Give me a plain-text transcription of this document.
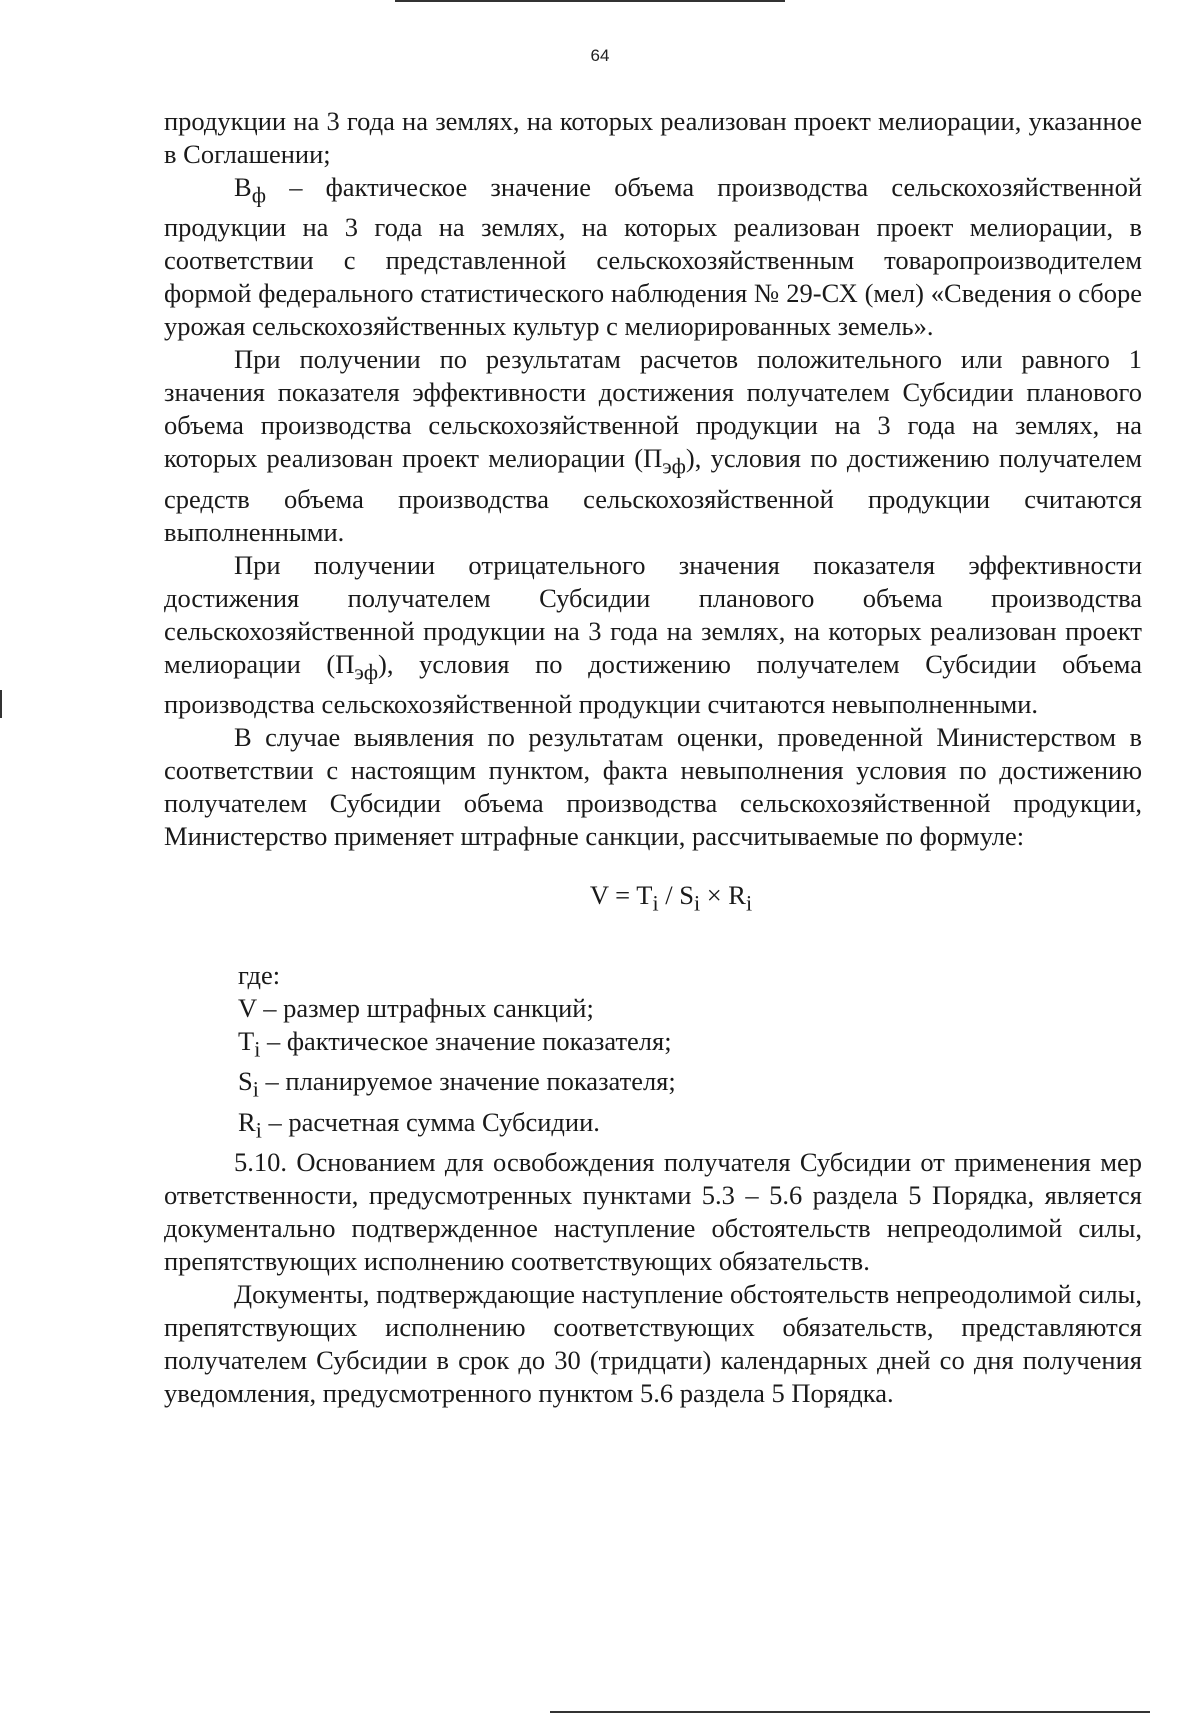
64

продукции на 3 года на землях, на которых реализован проект мелиорации, указанное в Соглашении;

$В_ф$ – фактическое значение объема производства сельскохозяйственной продукции на 3 года на землях, на которых реализован проект мелиорации, в соответствии с представленной сельскохозяйственным товаропроизводителем формой федерального статистического наблюдения № 29-СХ (мел) «Сведения о сборе урожая сельскохозяйственных культур с мелиорированных земель».

При получении по результатам расчетов положительного или равного 1 значения показателя эффективности достижения получателем Субсидии планового объема производства сельскохозяйственной продукции на 3 года на землях, на которых реализован проект мелиорации $(П_{эф})$, условия по достижению получателем средств объема производства сельскохозяйственной продукции считаются выполненными.

При получении отрицательного значения показателя эффективности достижения получателем Субсидии планового объема производства сельскохозяйственной продукции на 3 года на землях, на которых реализован проект мелиорации $(П_{эф})$, условия по достижению получателем Субсидии объема производства сельскохозяйственной продукции считаются невыполненными.

В случае выявления по результатам оценки, проведенной Министерством в соответствии с настоящим пунктом, факта невыполнения условия по достижению получателем Субсидии объема производства сельскохозяйственной продукции, Министерство применяет штрафные санкции, рассчитываемые по формуле:

$V = T_i / S_i \times R_i$

где:

V – размер штрафных санкций;

$T_i$ – фактическое значение показателя;

$S_i$ – планируемое значение показателя;

$R_i$ – расчетная сумма Субсидии.

5.10. Основанием для освобождения получателя Субсидии от применения мер ответственности, предусмотренных пунктами 5.3 – 5.6 раздела 5 Порядка, является документально подтвержденное наступление обстоятельств непреодолимой силы, препятствующих исполнению соответствующих обязательств.

Документы, подтверждающие наступление обстоятельств непреодолимой силы, препятствующих исполнению соответствующих обязательств, представляются получателем Субсидии в срок до 30 (тридцати) календарных дней со дня получения уведомления, предусмотренного пунктом 5.6 раздела 5 Порядка.
